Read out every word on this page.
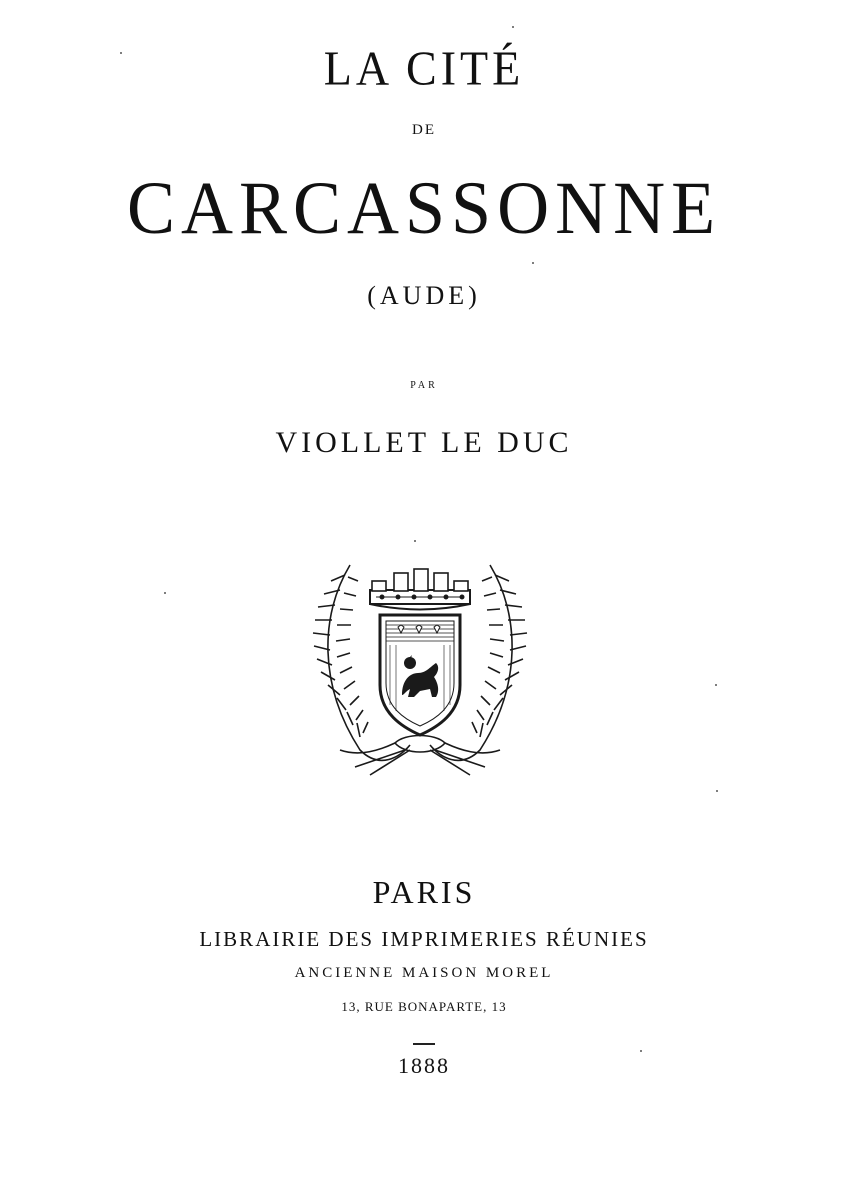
LA CITÉ
DE
CARCASSONNE
(AUDE)
PAR
VIOLLET LE DUC
PARIS
LIBRAIRIE DES IMPRIMERIES RÉUNIES
ANCIENNE MAISON MOREL
13, RUE BONAPARTE, 13
1888
